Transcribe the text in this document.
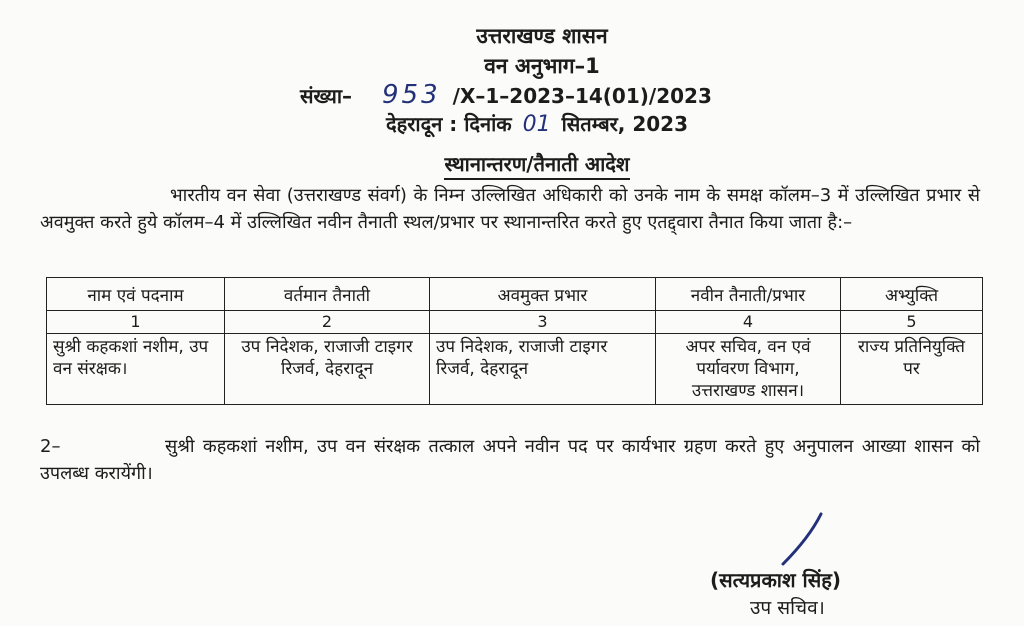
उत्तराखण्ड शासन
वन अनुभाग–1
संख्या– 953 /X–1–2023–14(01)/2023
देहरादून : दिनांक 01 सितम्बर, 2023
स्थानान्तरण/तैनाती आदेश
भारतीय वन सेवा (उत्तराखण्ड संवर्ग) के निम्न उल्लिखित अधिकारी को उनके नाम के समक्ष कॉलम–3 में उल्लिखित प्रभार से अवमुक्त करते हुये कॉलम–4 में उल्लिखित नवीन तैनाती स्थल/प्रभार पर स्थानान्तरित करते हुए एतद्द्वारा तैनात किया जाता है:–
नाम एवं पदनाम	वर्तमान तैनाती	अवमुक्त प्रभार	नवीन तैनाती/प्रभार	अभ्युक्ति
1	2	3	4	5
सुश्री कहकशां नशीम, उप वन संरक्षक।	उप निदेशक, राजाजी टाइगर रिजर्व, देहरादून	उप निदेशक, राजाजी टाइगर रिजर्व, देहरादून	अपर सचिव, वन एवं पर्यावरण विभाग, उत्तराखण्ड शासन।	राज्य प्रतिनियुक्ति पर
2–	सुश्री कहकशां नशीम, उप वन संरक्षक तत्काल अपने नवीन पद पर कार्यभार ग्रहण करते हुए अनुपालन आख्या शासन को उपलब्ध करायेंगी।
(सत्यप्रकाश सिंह)
उप सचिव।
